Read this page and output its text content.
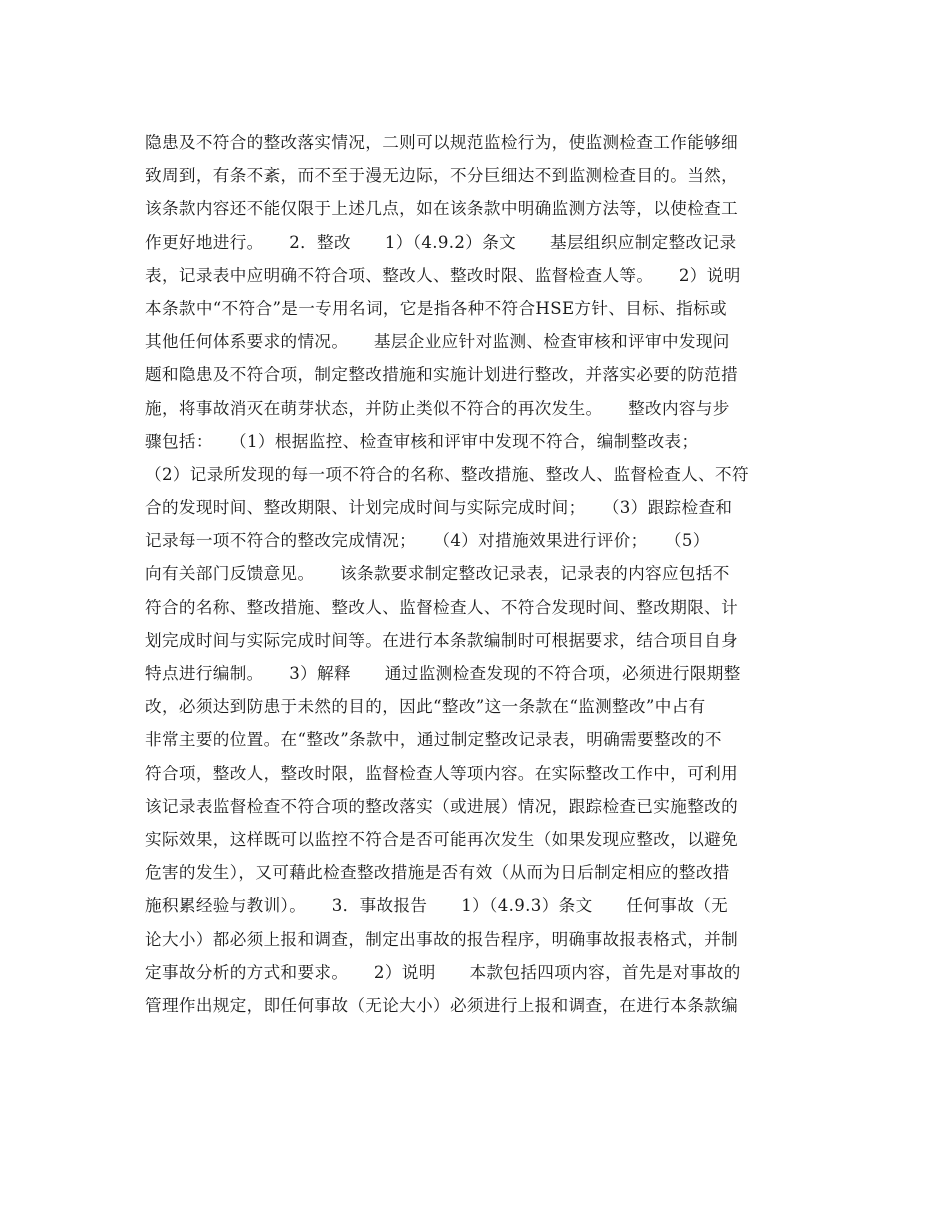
隐患及不符合的整改落实情况，二则可以规范监检行为，使监测检查工作能够细
致周到，有条不紊，而不至于漫无边际，不分巨细达不到监测检查目的。当然，
该条款内容还不能仅限于上述几点，如在该条款中明确监测方法等，以使检查工
作更好地进行。　　2．整改　　1）（4.9.2）条文　　基层组织应制定整改记录
表，记录表中应明确不符合项、整改人、整改时限、监督检查人等。　　2）说明
本条款中“不符合”是一专用名词，它是指各种不符合HSE方针、目标、指标或
其他任何体系要求的情况。　　基层企业应针对监测、检查审核和评审中发现问
题和隐患及不符合项，制定整改措施和实施计划进行整改，并落实必要的防范措
施，将事故消灭在萌芽状态，并防止类似不符合的再次发生。　　整改内容与步
骤包括：　　（1）根据监控、检查审核和评审中发现不符合，编制整改表；
（2）记录所发现的每一项不符合的名称、整改措施、整改人、监督检查人、不符
合的发现时间、整改期限、计划完成时间与实际完成时间；　　（3）跟踪检查和
记录每一项不符合的整改完成情况；　　（4）对措施效果进行评价；　　（5）
向有关部门反馈意见。　　该条款要求制定整改记录表，记录表的内容应包括不
符合的名称、整改措施、整改人、监督检查人、不符合发现时间、整改期限、计
划完成时间与实际完成时间等。在进行本条款编制时可根据要求，结合项目自身
特点进行编制。　　3）解释　　通过监测检查发现的不符合项，必须进行限期整
改，必须达到防患于未然的目的，因此“整改”这一条款在“监测整改”中占有
非常主要的位置。在“整改”条款中，通过制定整改记录表，明确需要整改的不
符合项，整改人，整改时限，监督检查人等项内容。在实际整改工作中，可利用
该记录表监督检查不符合项的整改落实（或进展）情况，跟踪检查已实施整改的
实际效果，这样既可以监控不符合是否可能再次发生（如果发现应整改，以避免
危害的发生），又可藉此检查整改措施是否有效（从而为日后制定相应的整改措
施积累经验与教训）。　　3．事故报告　　1）（4.9.3）条文　　任何事故（无
论大小）都必须上报和调查，制定出事故的报告程序，明确事故报表格式，并制
定事故分析的方式和要求。　　2）说明　　本款包括四项内容，首先是对事故的
管理作出规定，即任何事故（无论大小）必须进行上报和调查，在进行本条款编
